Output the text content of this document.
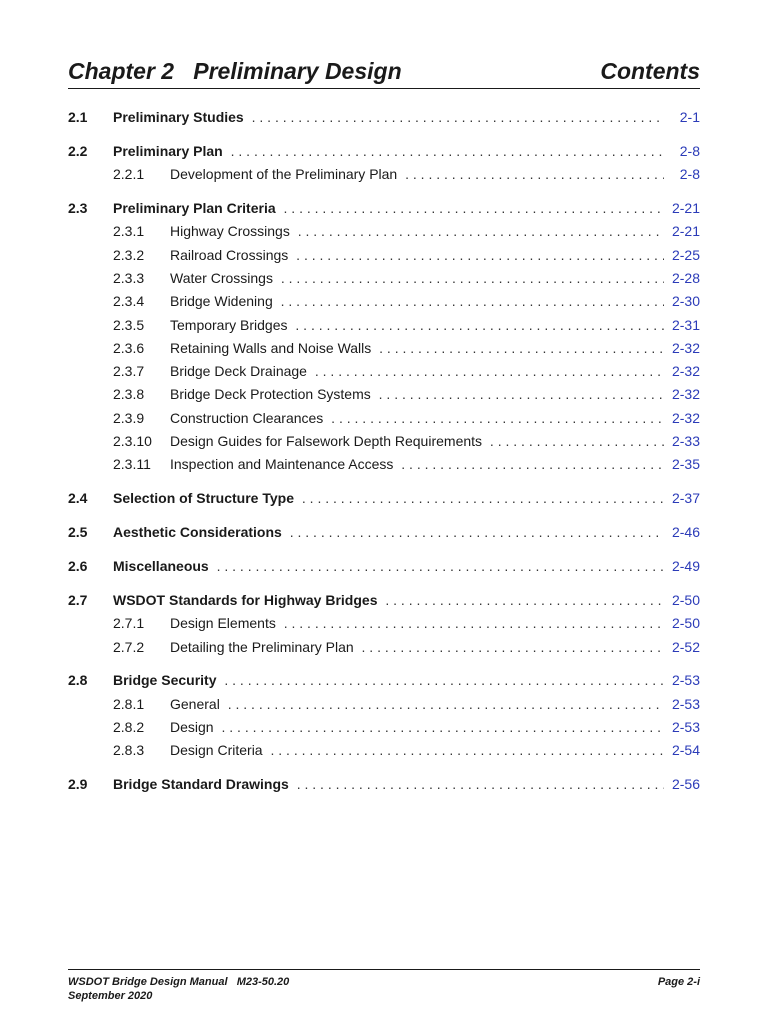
Chapter 2 Preliminary Design	Contents
2.1 Preliminary Studies . . .	2-1
2.2 Preliminary Plan . . .	2-8
2.2.1 Development of the Preliminary Plan . . .	2-8
2.3 Preliminary Plan Criteria . . .	2-21
2.3.1 Highway Crossings . . .	2-21
2.3.2 Railroad Crossings . . .	2-25
2.3.3 Water Crossings . . .	2-28
2.3.4 Bridge Widening . . .	2-30
2.3.5 Temporary Bridges . . .	2-31
2.3.6 Retaining Walls and Noise Walls . . .	2-32
2.3.7 Bridge Deck Drainage . . .	2-32
2.3.8 Bridge Deck Protection Systems . . .	2-32
2.3.9 Construction Clearances . . .	2-32
2.3.10 Design Guides for Falsework Depth Requirements . . .	2-33
2.3.11 Inspection and Maintenance Access . . .	2-35
2.4 Selection of Structure Type . . .	2-37
2.5 Aesthetic Considerations . . .	2-46
2.6 Miscellaneous . . .	2-49
2.7 WSDOT Standards for Highway Bridges . . .	2-50
2.7.1 Design Elements . . .	2-50
2.7.2 Detailing the Preliminary Plan . . .	2-52
2.8 Bridge Security . . .	2-53
2.8.1 General . . .	2-53
2.8.2 Design . . .	2-53
2.8.3 Design Criteria . . .	2-54
2.9 Bridge Standard Drawings . . .	2-56
WSDOT Bridge Design Manual M23-50.20
September 2020
Page 2-i
